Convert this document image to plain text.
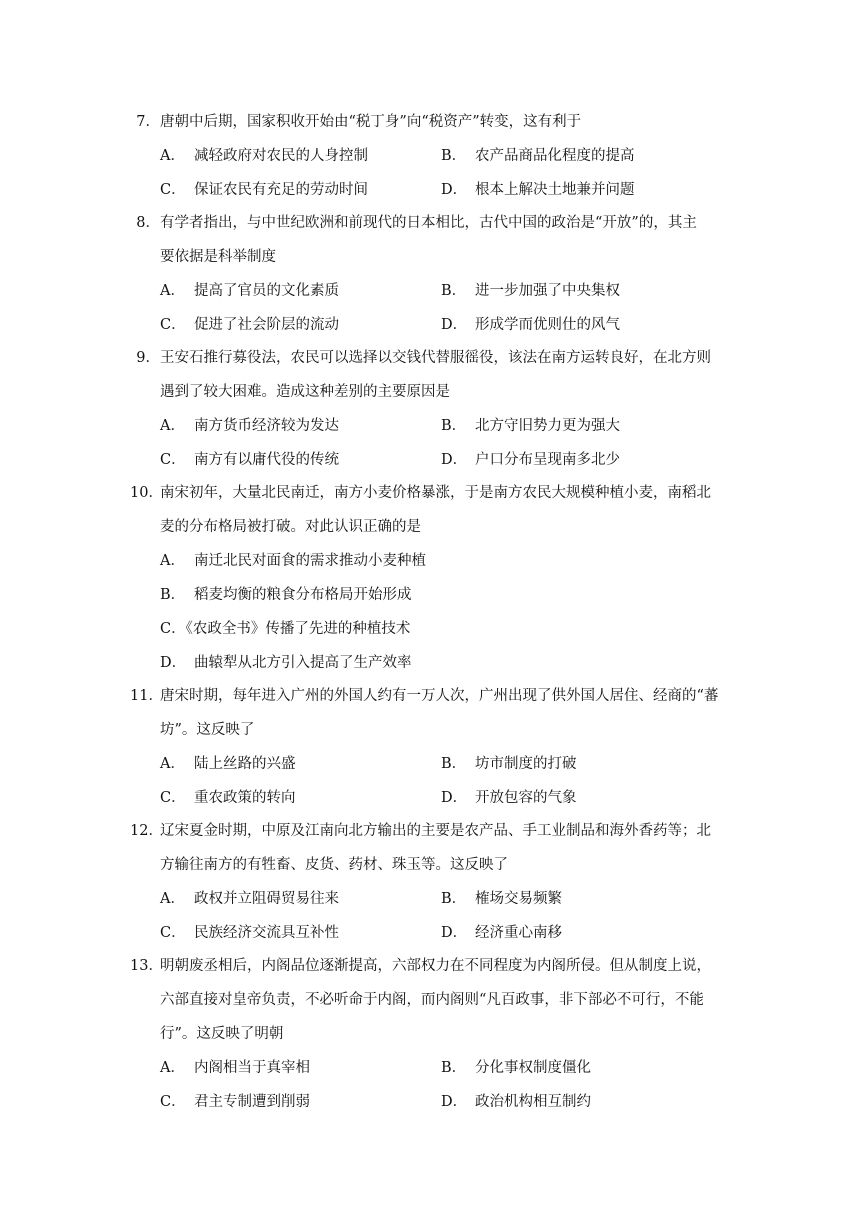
7．唐朝中后期，国家积收开始由“税丁身”向“税资产”转变，这有利于
A． 减轻政府对农民的人身控制	B． 农产品商品化程度的提高
C． 保证农民有充足的劳动时间	D． 根本上解决土地兼并问题
8．有学者指出，与中世纪欧洲和前现代的日本相比，古代中国的政治是“开放”的，其主
要依据是科举制度
A． 提高了官员的文化素质	B． 进一步加强了中央集权
C． 促进了社会阶层的流动	D． 形成学而优则仕的风气
9．王安石推行募役法，农民可以选择以交钱代替服徭役，该法在南方运转良好，在北方则
遇到了较大困难。造成这种差别的主要原因是
A． 南方货币经济较为发达	B． 北方守旧势力更为强大
C． 南方有以庸代役的传统	D． 户口分布呈现南多北少
10．南宋初年，大量北民南迁，南方小麦价格暴涨，于是南方农民大规模种植小麦，南稻北
麦的分布格局被打破。对此认识正确的是
A． 南迁北民对面食的需求推动小麦种植
B． 稻麦均衡的粮食分布格局开始形成
C．《农政全书》传播了先进的种植技术
D． 曲辕犁从北方引入提高了生产效率
11．唐宋时期，每年进入广州的外国人约有一万人次，广州出现了供外国人居住、经商的“蕃
坊”。这反映了
A． 陆上丝路的兴盛	B． 坊市制度的打破
C． 重农政策的转向	D． 开放包容的气象
12．辽宋夏金时期，中原及江南向北方输出的主要是农产品、手工业制品和海外香药等；北
方输往南方的有牲畜、皮货、药材、珠玉等。这反映了
A． 政权并立阻碍贸易往来	B． 榷场交易频繁
C． 民族经济交流具互补性	D． 经济重心南移
13．明朝废丞相后，内阁品位逐渐提高，六部权力在不同程度为内阁所侵。但从制度上说，
六部直接对皇帝负责，不必听命于内阁，而内阁则“凡百政事，非下部必不可行，不能
行”。这反映了明朝
A． 内阁相当于真宰相	B． 分化事权制度僵化
C． 君主专制遭到削弱	D． 政治机构相互制约
